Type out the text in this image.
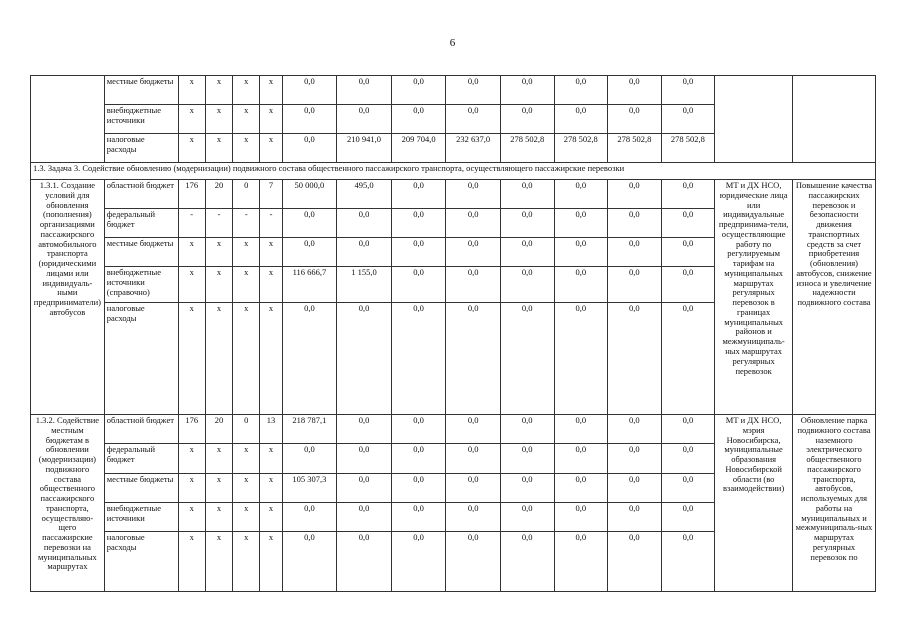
6
	местные бюджеты	x	x	x	x	0,0	0,0	0,0	0,0	0,0	0,0	0,0	0,0		
	внебюджетные источники	x	x	x	x	0,0	0,0	0,0	0,0	0,0	0,0	0,0	0,0		
	налоговые расходы	x	x	x	x	0,0	210 941,0	209 704,0	232 637,0	278 502,8	278 502,8	278 502,8	278 502,8		
1.3. Задача 3. Содействие обновлению (модернизации) подвижного состава общественного пассажирского транспорта, осуществляющего пассажирские перевозки															
1.3.1. Создание условий для обновления (пополнения) организациями пассажирского автомобильного транспорта (юридическими лицами или индивидуаль-ными предприниматели) автобусов	областной бюджет	176	20	0	7	50 000,0	495,0	0,0	0,0	0,0	0,0	0,0	0,0	МТ и ДХ НСО, юридические лица или индивидуальные предпринима-тели, осуществляющие работу по регулируемым тарифам на муниципальных маршрутах регулярных перевозок в границах муниципальных районов и межмуниципаль-ных маршрутах регулярных перевозок	Повышение качества пассажирских перевозок и безопасности движения транспортных средств за счет приобретения (обновления) автобусов, снижение износа и увеличение надежности подвижного состава
	федеральный бюджет	-	-	-	-	0,0	0,0	0,0	0,0	0,0	0,0	0,0	0,0		
	местные бюджеты	x	x	x	x	0,0	0,0	0,0	0,0	0,0	0,0	0,0	0,0		
	внебюджетные источники (справочно)	x	x	x	x	116 666,7	1 155,0	0,0	0,0	0,0	0,0	0,0	0,0		
	налоговые расходы	x	x	x	x	0,0	0,0	0,0	0,0	0,0	0,0	0,0	0,0		
1.3.2. Содействие местным бюджетам в обновлении (модернизации) подвижного состава общественного пассажирского транспорта, осуществляю-щего пассажирские перевозки на муниципальных маршрутах	областной бюджет	176	20	0	13	218 787,1	0,0	0,0	0,0	0,0	0,0	0,0	0,0	МТ и ДХ НСО, мэрия Новосибирска, муниципальные образования Новосибирской области (во взаимодействии)	Обновление парка подвижного состава наземного электрического общественного пассажирского транспорта, автобусов, используемых для работы на муниципальных и межмуниципаль-ных маршрутах регулярных перевозок по
	федеральный бюджет	x	x	x	x	0,0	0,0	0,0	0,0	0,0	0,0	0,0	0,0		
	местные бюджеты	x	x	x	x	105 307,3	0,0	0,0	0,0	0,0	0,0	0,0	0,0		
	внебюджетные источники	x	x	x	x	0,0	0,0	0,0	0,0	0,0	0,0	0,0	0,0		
	налоговые расходы	x	x	x	x	0,0	0,0	0,0	0,0	0,0	0,0	0,0	0,0		
